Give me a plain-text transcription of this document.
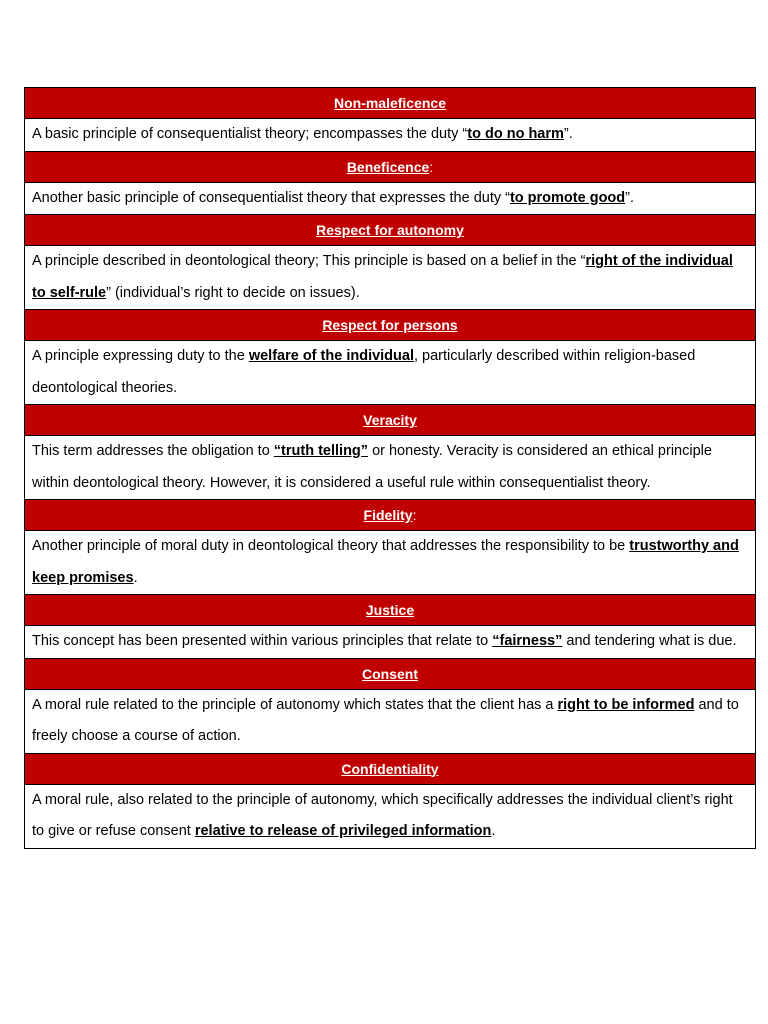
Non-maleficence
A basic principle of consequentialist theory; encompasses the duty “to do no harm”.
Beneficence :
Another basic principle of consequentialist theory that expresses the duty “to promote good”.
Respect for autonomy
A principle described in deontological theory; This principle is based on a belief in the “right of the individual to self-rule” (individual’s right to decide on issues).
Respect for persons
A principle expressing duty to the welfare of the individual, particularly described within religion-based deontological theories.
Veracity
This term addresses the obligation to “truth telling” or honesty. Veracity is considered an ethical principle within deontological theory. However, it is considered a useful rule within consequentialist theory.
Fidelity :
Another principle of moral duty in deontological theory that addresses the responsibility to be trustworthy and keep promises.
Justice
This concept has been presented within various principles that relate to “fairness” and tendering what is due.
Consent
A moral rule related to the principle of autonomy which states that the client has a right to be informed and to freely choose a course of action.
Confidentiality
A moral rule, also related to the principle of autonomy, which specifically addresses the individual client’s right to give or refuse consent relative to release of privileged information.
